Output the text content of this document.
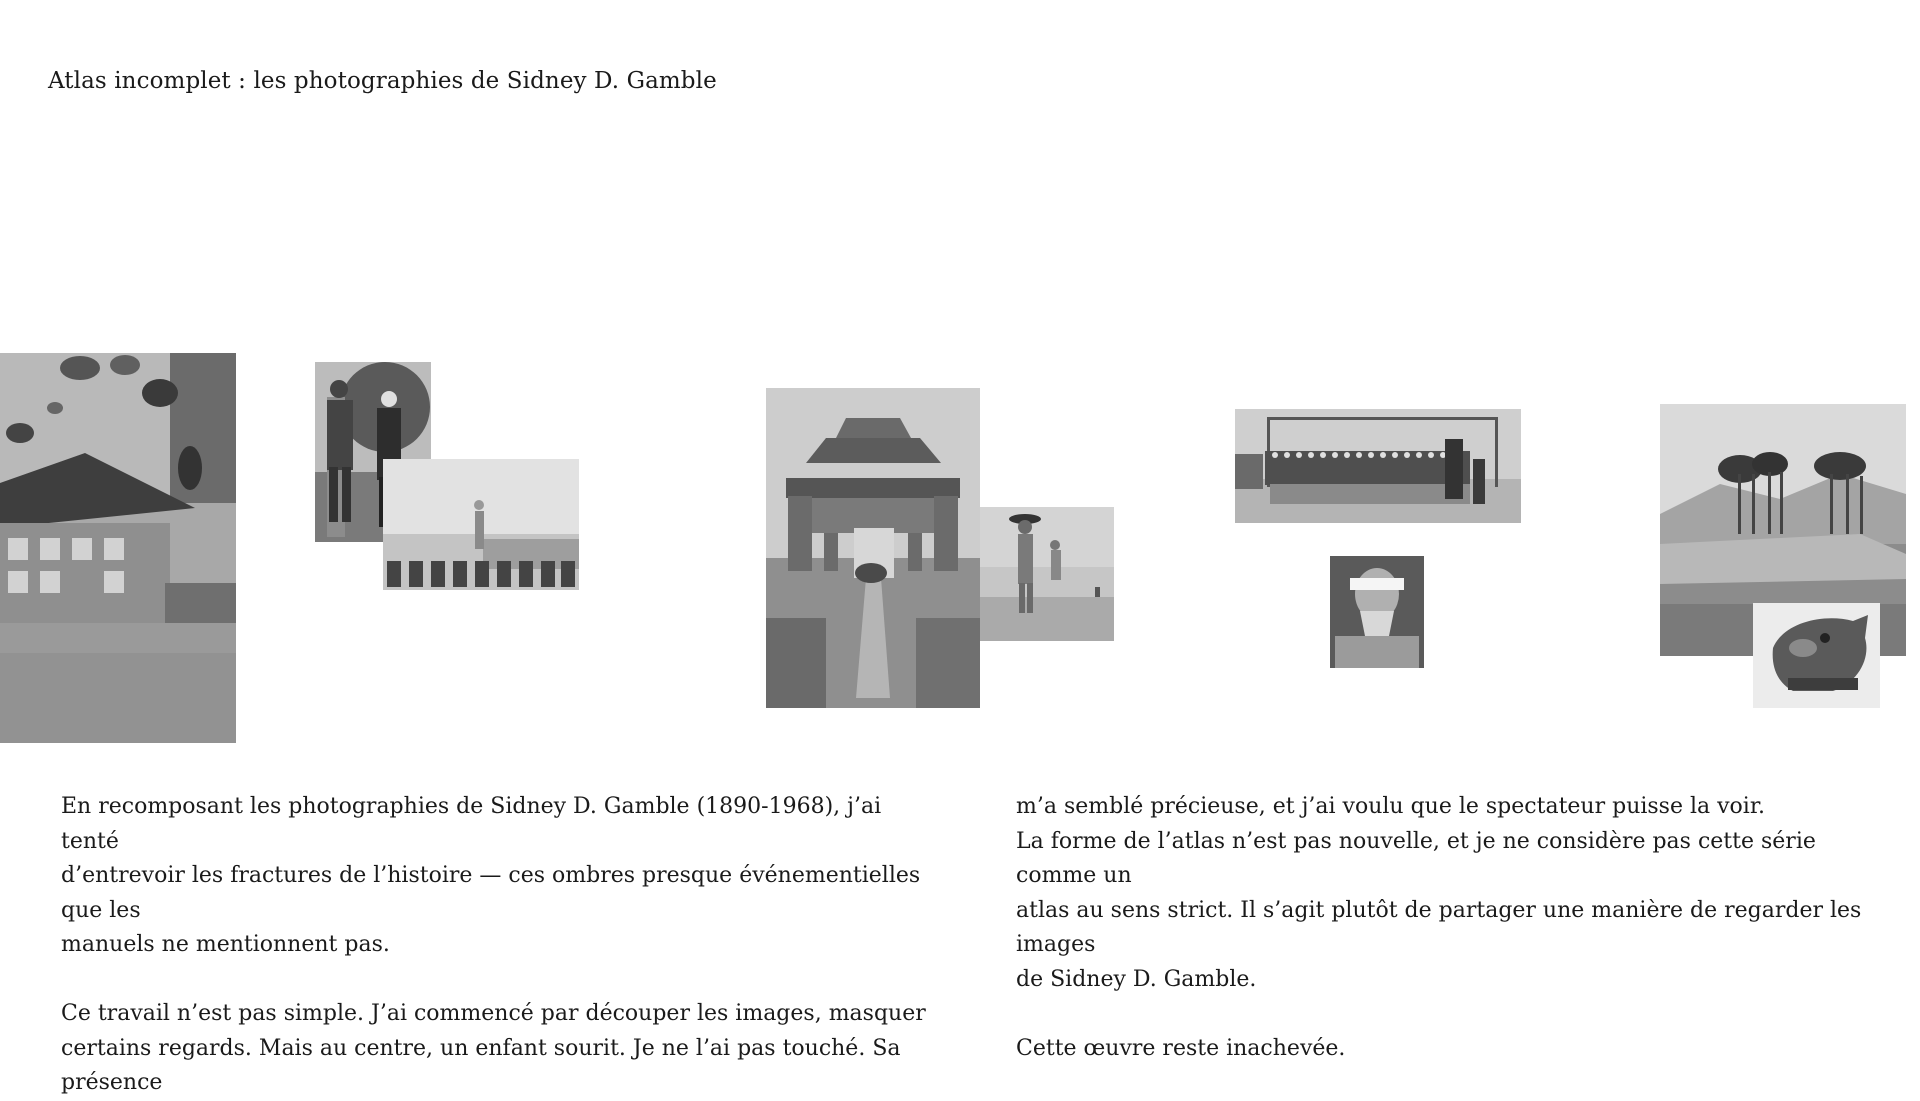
Atlas incomplet : les photographies de Sidney D. Gamble

En recomposant les photographies de Sidney D. Gamble (1890-1968), j’ai tenté

d’entrevoir les fractures de l’histoire — ces ombres presque événementielles que les

manuels ne mentionnent pas.

Ce travail n’est pas simple. J’ai commencé par découper les images, masquer

certains regards. Mais au centre, un enfant sourit. Je ne l’ai pas touché. Sa présence

m’a semblé précieuse, et j’ai voulu que le spectateur puisse la voir.

La forme de l’atlas n’est pas nouvelle, et je ne considère pas cette série comme un

atlas au sens strict. Il s’agit plutôt de partager une manière de regarder les images

de Sidney D. Gamble.

Cette œuvre reste inachevée.
